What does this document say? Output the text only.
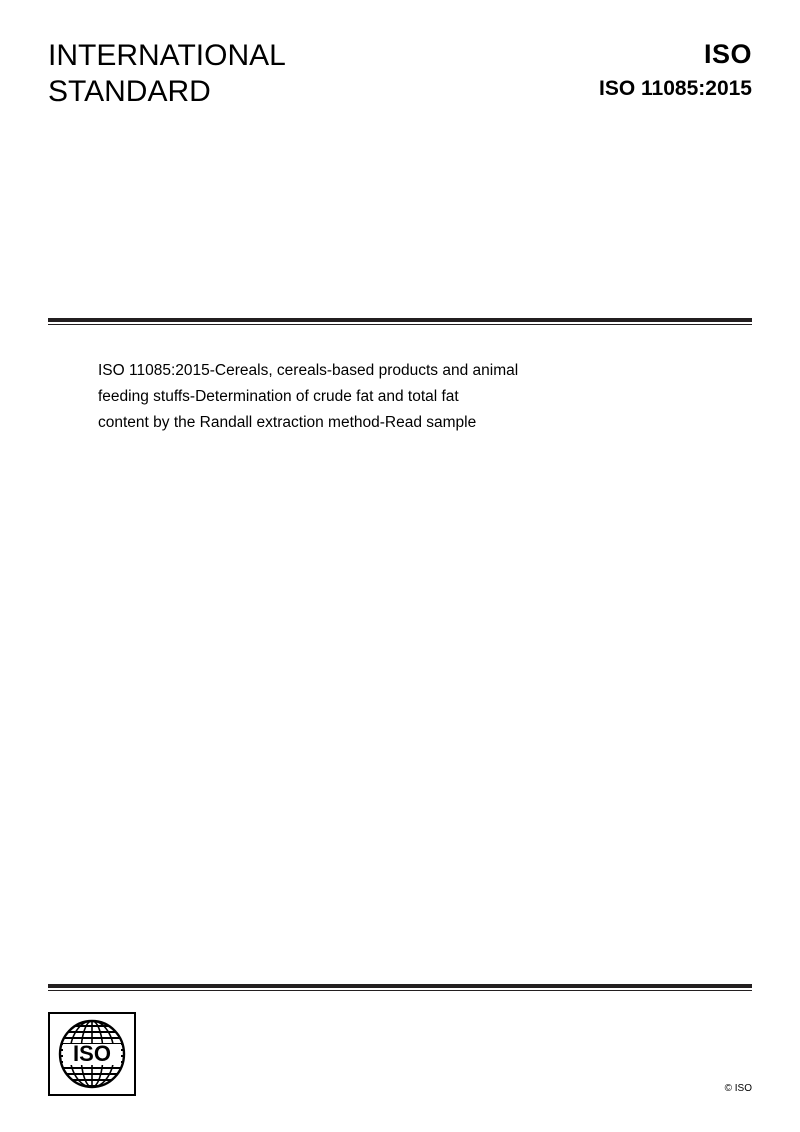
INTERNATIONAL
STANDARD
ISO
ISO 11085:2015
ISO 11085:2015-Cereals, cereals-based products and animal
feeding stuffs-Determination of crude fat and total fat
content by the Randall extraction method-Read sample
ISO
© ISO
